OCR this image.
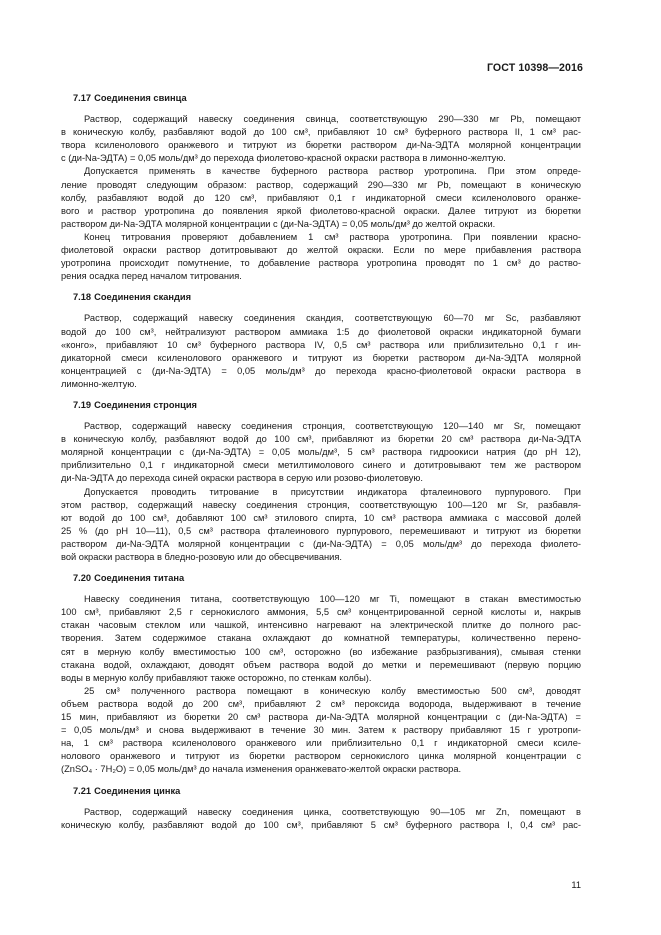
ГОСТ 10398—2016
7.17 Соединения свинца
Раствор, содержащий навеску соединения свинца, соответствующую 290—330 мг Pb, помещают
в коническую колбу, разбавляют водой до 100 см³, прибавляют 10 см³ буферного раствора II, 1 см³ рас-
твора ксиленолового оранжевого и титруют из бюретки раствором ди-Na-ЭДТА молярной концентрации
c (ди-Na-ЭДТА) = 0,05 моль/дм³ до перехода фиолетово-красной окраски раствора в лимонно-желтую.
Допускается применять в качестве буферного раствора раствор уротропина. При этом опреде-
ление проводят следующим образом: раствор, содержащий 290—330 мг Pb, помещают в коническую
колбу, разбавляют водой до 120 см³, прибавляют 0,1 г индикаторной смеси ксиленолового оранже-
вого и раствор уротропина до появления яркой фиолетово-красной окраски. Далее титруют из бюретки
раствором ди-Na-ЭДТА молярной концентрации c (ди-Na-ЭДТА) = 0,05 моль/дм³ до желтой окраски.
Конец титрования проверяют добавлением 1 см³ раствора уротропина. При появлении красно-
фиолетовой окраски раствор дотитровывают до желтой окраски. Если по мере прибавления раствора
уротропина происходит помутнение, то добавление раствора уротропина проводят по 1 см³ до раство-
рения осадка перед началом титрования.
7.18 Соединения скандия
Раствор, содержащий навеску соединения скандия, соответствующую 60—70 мг Sc, разбавляют
водой до 100 см³, нейтрализуют раствором аммиака 1:5 до фиолетовой окраски индикаторной бумаги
«конго», прибавляют 10 см³ буферного раствора IV, 0,5 см³ раствора или приблизительно 0,1 г ин-
дикаторной смеси ксиленолового оранжевого и титруют из бюретки раствором ди-Na-ЭДТА молярной
концентрацией c (ди-Na-ЭДТА) = 0,05 моль/дм³ до перехода красно-фиолетовой окраски раствора в
лимонно-желтую.
7.19 Соединения стронция
Раствор, содержащий навеску соединения стронция, соответствующую 120—140 мг Sr, помещают
в коническую колбу, разбавляют водой до 100 см³, прибавляют из бюретки 20 см³ раствора ди-Na-ЭДТА
молярной концентрации c (ди-Na-ЭДТА) = 0,05 моль/дм³, 5 см³ раствора гидроокиси натрия (до pH 12),
приблизительно 0,1 г индикаторной смеси метилтимолового синего и дотитровывают тем же раствором
ди-Na-ЭДТА до перехода синей окраски раствора в серую или розово-фиолетовую.
Допускается проводить титрование в присутствии индикатора фталеинового пурпурового. При
этом раствор, содержащий навеску соединения стронция, соответствующую 100—120 мг Sr, разбавля-
ют водой до 100 см³, добавляют 100 см³ этилового спирта, 10 см³ раствора аммиака с массовой долей
25 % (до pH 10—11), 0,5 см³ раствора фталеинового пурпурового, перемешивают и титруют из бюретки
раствором ди-Na-ЭДТА молярной концентрации c (ди-Na-ЭДТА) = 0,05 моль/дм³ до перехода фиолето-
вой окраски раствора в бледно-розовую или до обесцвечивания.
7.20 Соединения титана
Навеску соединения титана, соответствующую 100—120 мг Ti, помещают в стакан вместимостью
100 см³, прибавляют 2,5 г сернокислого аммония, 5,5 см³ концентрированной серной кислоты и, накрыв
стакан часовым стеклом или чашкой, интенсивно нагревают на электрической плитке до полного рас-
творения. Затем содержимое стакана охлаждают до комнатной температуры, количественно перено-
сят в мерную колбу вместимостью 100 см³, осторожно (во избежание разбрызгивания), смывая стенки
стакана водой, охлаждают, доводят объем раствора водой до метки и перемешивают (первую порцию
воды в мерную колбу прибавляют также осторожно, по стенкам колбы).
25 см³ полученного раствора помещают в коническую колбу вместимостью 500 см³, доводят
объем раствора водой до 200 см³, прибавляют 2 см³ пероксида водорода, выдерживают в течение
15 мин, прибавляют из бюретки 20 см³ раствора ди-Na-ЭДТА молярной концентрации c (ди-Na-ЭДТА) =
= 0,05 моль/дм³ и снова выдерживают в течение 30 мин. Затем к раствору прибавляют 15 г уротропи-
на, 1 см³ раствора ксиленолового оранжевого или приблизительно 0,1 г индикаторной смеси ксиле-
нолового оранжевого и титруют из бюретки раствором сернокислого цинка молярной концентрации c
(ZnSO₄ · 7H₂O) = 0,05 моль/дм³ до начала изменения оранжевато-желтой окраски раствора.
7.21 Соединения цинка
Раствор, содержащий навеску соединения цинка, соответствующую 90—105 мг Zn, помещают в
коническую колбу, разбавляют водой до 100 см³, прибавляют 5 см³ буферного раствора I, 0,4 см³ рас-
11
